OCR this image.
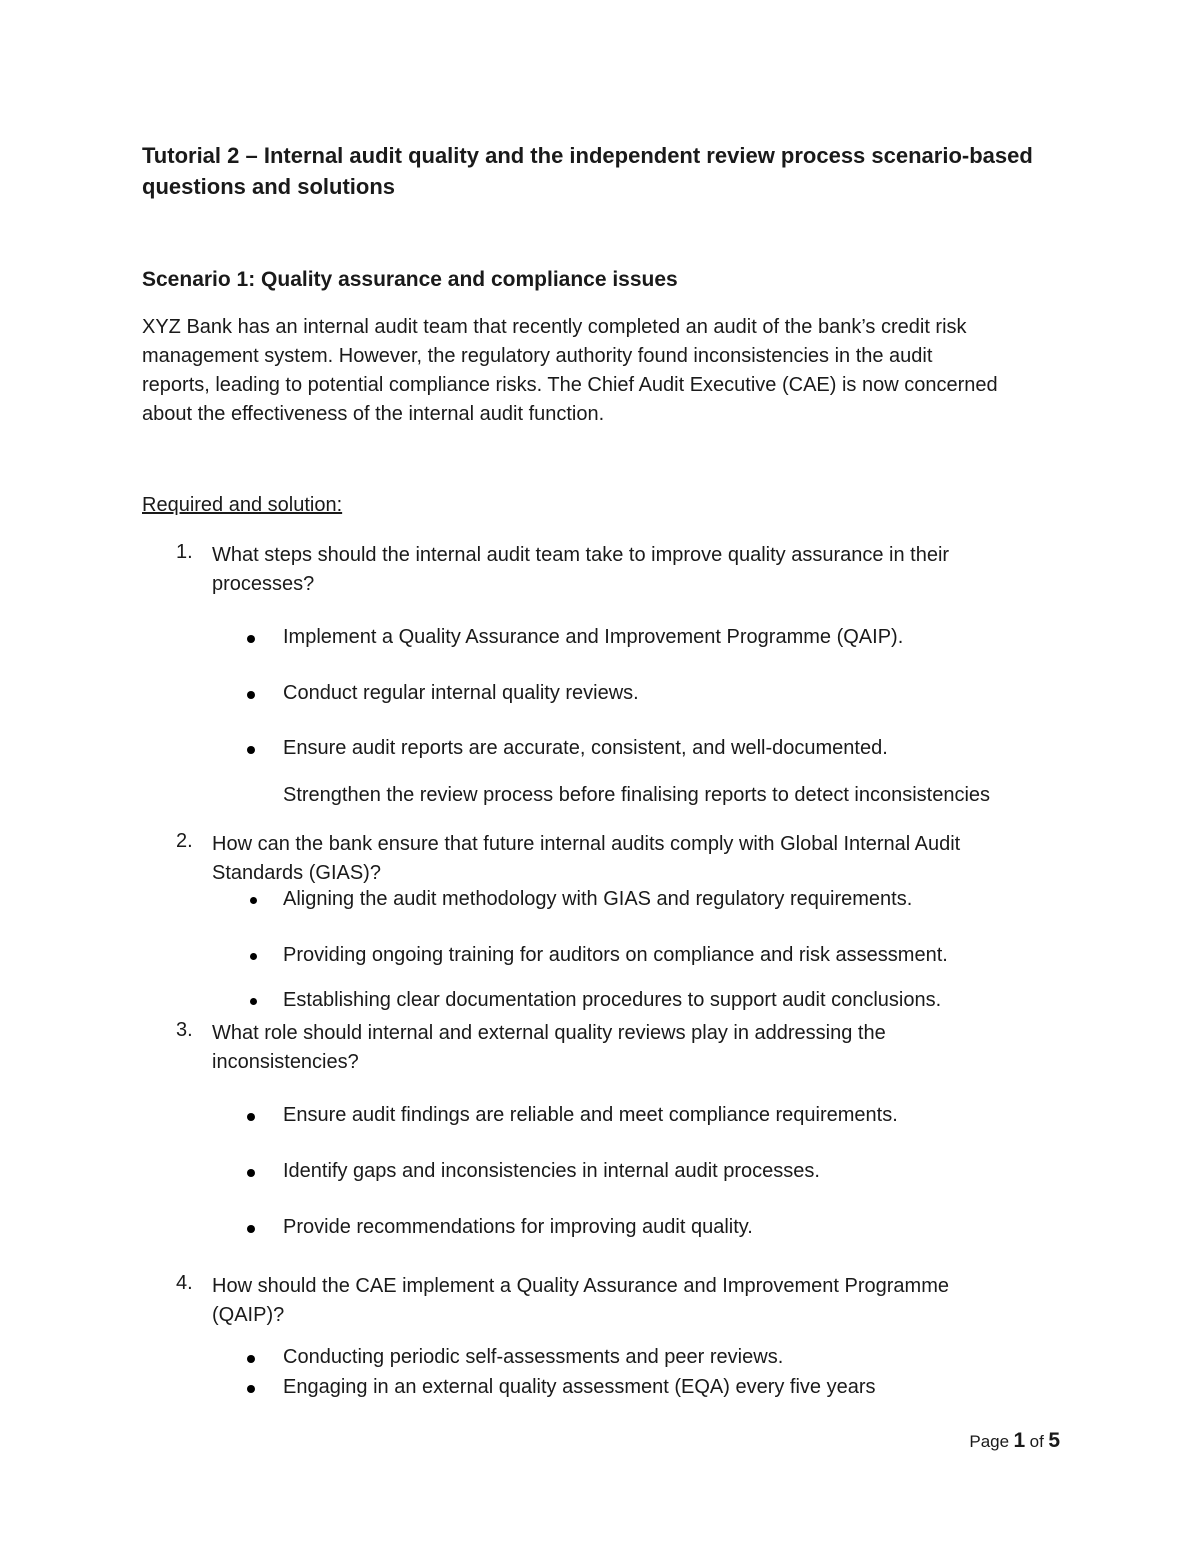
Tutorial 2 – Internal audit quality and the independent review process scenario-based
questions and solutions
Scenario 1: Quality assurance and compliance issues
XYZ Bank has an internal audit team that recently completed an audit of the bank’s credit risk
management system. However, the regulatory authority found inconsistencies in the audit
reports, leading to potential compliance risks. The Chief Audit Executive (CAE) is now concerned
about the effectiveness of the internal audit function.
Required and solution:
1. What steps should the internal audit team take to improve quality assurance in their
processes?
Implement a Quality Assurance and Improvement Programme (QAIP).
Conduct regular internal quality reviews.
Ensure audit reports are accurate, consistent, and well-documented.
Strengthen the review process before finalising reports to detect inconsistencies
2. How can the bank ensure that future internal audits comply with Global Internal Audit
Standards (GIAS)?
Aligning the audit methodology with GIAS and regulatory requirements.
Providing ongoing training for auditors on compliance and risk assessment.
Establishing clear documentation procedures to support audit conclusions.
3. What role should internal and external quality reviews play in addressing the
inconsistencies?
Ensure audit findings are reliable and meet compliance requirements.
Identify gaps and inconsistencies in internal audit processes.
Provide recommendations for improving audit quality.
4. How should the CAE implement a Quality Assurance and Improvement Programme
(QAIP)?
Conducting periodic self-assessments and peer reviews.
Engaging in an external quality assessment (EQA) every five years
Page 1 of 5
